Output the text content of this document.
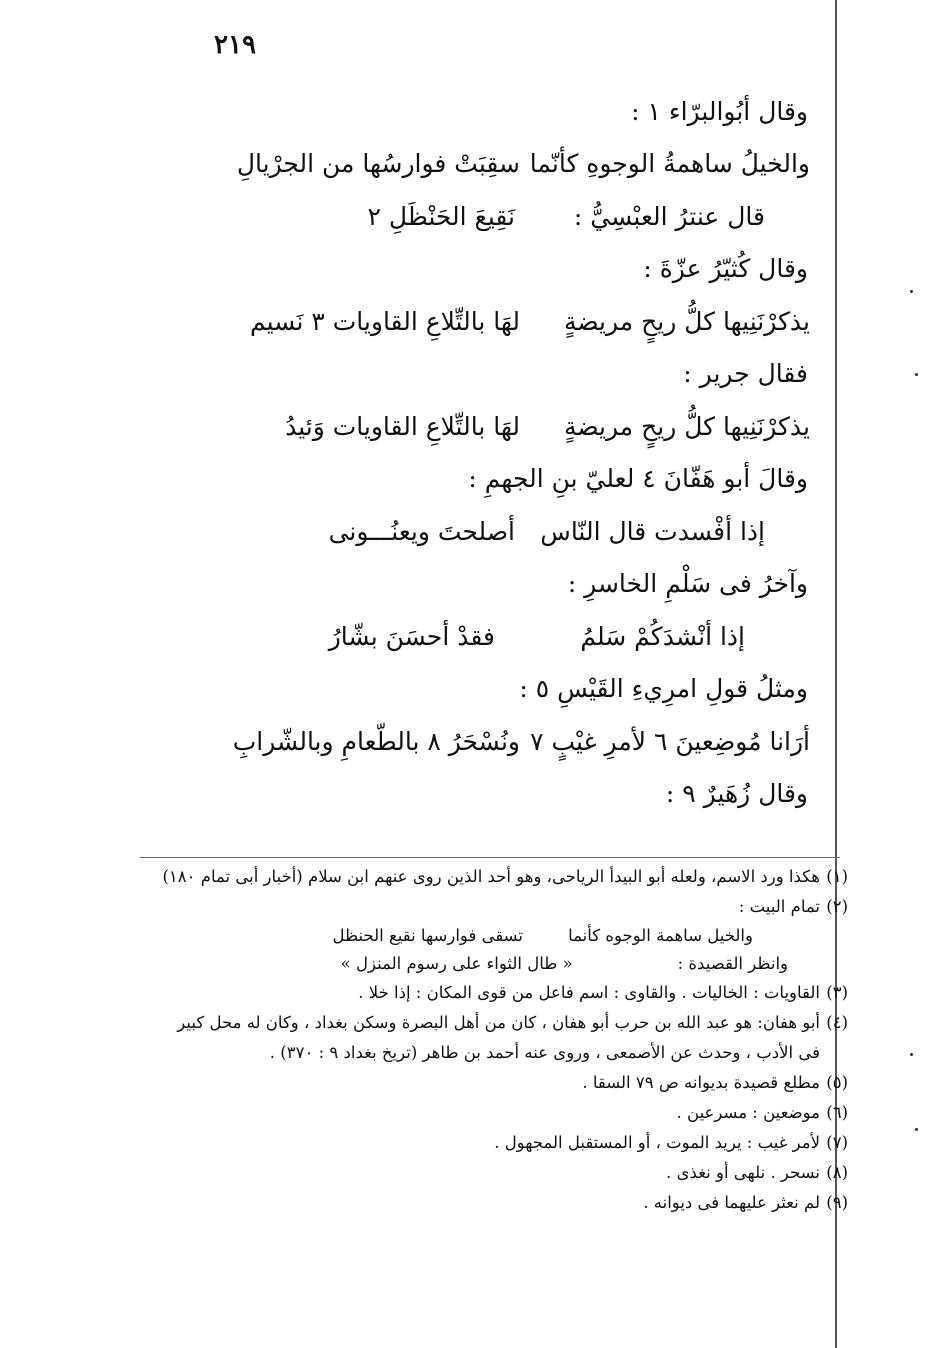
٢١٩
وقال أبُوالبرّاء ١ :
والخيلُ ساهمةُ الوجوهِ كأنّما
سقِبَتْ فوارسُها من الجرْيالِ
قال عنترُ العبْسِيُّ :
نَقِيعَ الحَنْظَلِ ٢
وقال كُثيّرُ عزّةَ :
يذكرْنَنِيها كلُّ ريحٍ مريضةٍ
لهَا بالتِّلاعِ القاويات ٣ نَسيم
فقال جرير :
يذكرْنَنِيها كلُّ ريحٍ مريضةٍ
لهَا بالتِّلاعِ القاويات وَئيدُ
وقالَ أبو هَفّانَ ٤ لعليّ بنِ الجهمِ :
إذا أفْسدت قال النّاس
أصلحتَ ويعنُـــونى
وآخرُ فى سَلْمِ الخاسرِ :
إذا أنْشدَكُمْ سَلمُ
فقدْ أحسَنَ بشّارُ
ومثلُ قولِ امرِيءِ القَيْسِ ٥ :
أرَانا مُوضِعينَ ٦ لأمرِ غيْبٍ ٧
ونُسْحَرُ ٨ بالطّعامِ وبالشّرابِ
وقال زُهَيرٌ ٩ :
(١)
هكذا ورد الاسم، ولعله أبو البيدأ الرياحى، وهو أحد الذين روى عنهم ابن سلام (أخبار أبى تمام ١٨٠)
(٢)
تمام البيت :
والخيل ساهمة الوجوه كأنما
تسقى فوارسها نقيع الحنظل
وانظر القصيدة : « طال الثواء على رسوم المنزل »
(٣)
القاويات : الخاليات . والقاوى : اسم فاعل من قوى المكان : إذا خلا .
(٤)
أبو هفان: هو عبد الله بن حرب أبو هفان ، كان من أهل البصرة وسكن بغداد ، وكان له محل كبير
فى الأدب ، وحدث عن الأصمعى ، وروى عنه أحمد بن طاهر (تريخ بغداد ٩ : ٣٧٠) .
(٥)
مطلع قصيدة بديوانه ص ٧٩ السقا .
(٦)
موضعين : مسرعين .
(٧)
لأمر غيب : يريد الموت ، أو المستقبل المجهول .
(٨)
نسحر . نلهى أو نغذى .
(٩)
لم نعثر عليهما فى ديوانه .
